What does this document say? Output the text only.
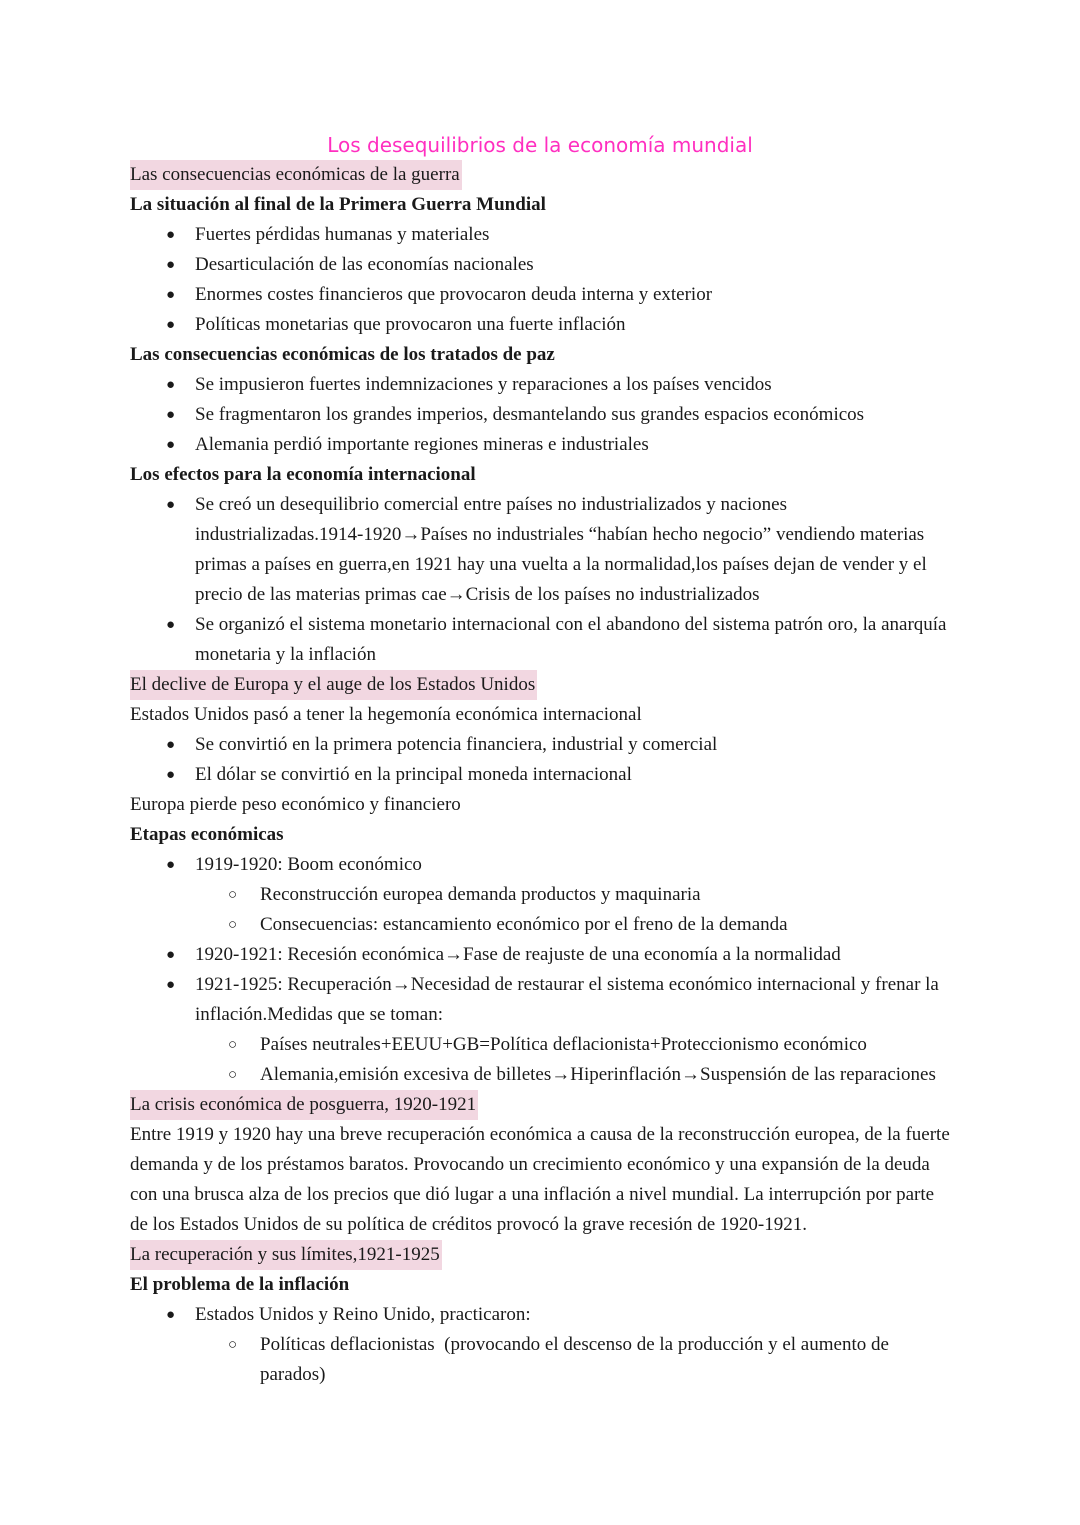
Los desequilibrios de la economía mundial
Las consecuencias económicas de la guerra
La situación al final de la Primera Guerra Mundial
●	Fuertes pérdidas humanas y materiales
●	Desarticulación de las economías nacionales
●	Enormes costes financieros que provocaron deuda interna y exterior
●	Políticas monetarias que provocaron una fuerte inflación
Las consecuencias económicas de los tratados de paz
●	Se impusieron fuertes indemnizaciones y reparaciones a los países vencidos
●	Se fragmentaron los grandes imperios, desmantelando sus grandes espacios económicos
●	Alemania perdió importante regiones mineras e industriales
Los efectos para la economía internacional
●	Se creó un desequilibrio comercial entre países no industrializados y naciones industrializadas.1914-1920→Países no industriales “habían hecho negocio” vendiendo materias primas a países en guerra,en 1921 hay una vuelta a la normalidad,los países dejan de vender y el precio de las materias primas cae→Crisis de los países no industrializados
●	Se organizó el sistema monetario internacional con el abandono del sistema patrón oro, la anarquía monetaria y la inflación
El declive de Europa y el auge de los Estados Unidos
Estados Unidos pasó a tener la hegemonía económica internacional
●	Se convirtió en la primera potencia financiera, industrial y comercial
●	El dólar se convirtió en la principal moneda internacional
Europa pierde peso económico y financiero
Etapas económicas
●	1919-1920: Boom económico
○	Reconstrucción europea demanda productos y maquinaria
○	Consecuencias: estancamiento económico por el freno de la demanda
●	1920-1921: Recesión económica→Fase de reajuste de una economía a la normalidad
●	1921-1925: Recuperación→Necesidad de restaurar el sistema económico internacional y frenar la inflación.Medidas que se toman:
○	Países neutrales+EEUU+GB=Política deflacionista+Proteccionismo económico
○	Alemania,emisión excesiva de billetes→Hiperinflación→Suspensión de las reparaciones
La crisis económica de posguerra, 1920-1921

Entre 1919 y 1920 hay una breve recuperación económica a causa de la reconstrucción europea, de la fuerte demanda y de los préstamos baratos. Provocando un crecimiento económico y una expansión de la deuda con una brusca alza de los precios que dió lugar a una inflación a nivel mundial. La interrupción por parte de los Estados Unidos de su política de créditos provocó la grave recesión de 1920-1921.

La recuperación y sus límites,1921-1925
El problema de la inflación
●	Estados Unidos y Reino Unido, practicaron:
○	Políticas deflacionistas  (provocando el descenso de la producción y el aumento de parados)
